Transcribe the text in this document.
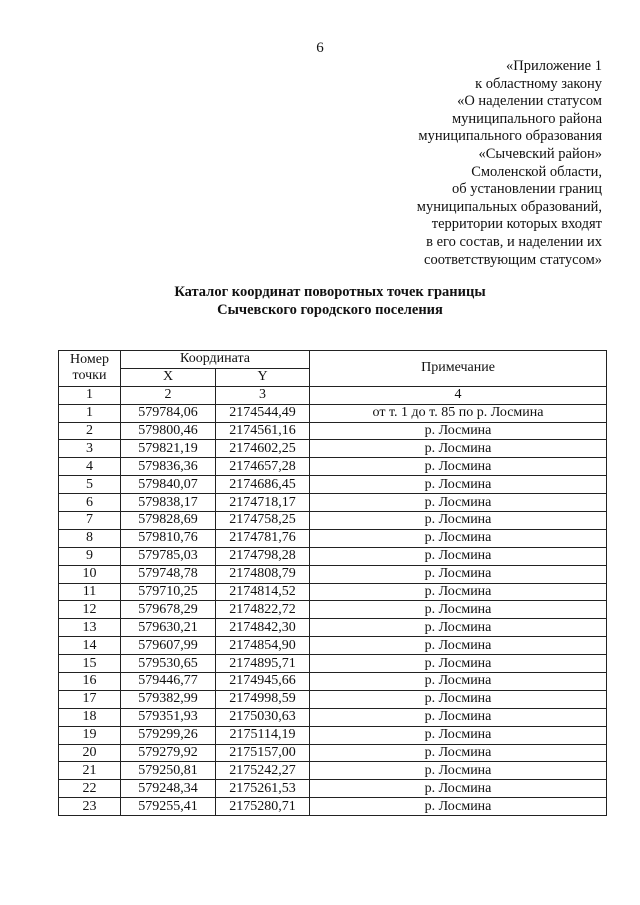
6
«Приложение 1
к областному закону
«О наделении статусом
муниципального района
муниципального образования
«Сычевский район»
Смоленской области,
об установлении границ
муниципальных образований,
территории которых входят
в его состав, и наделении их
соответствующим статусом»
Каталог координат поворотных точек границы
Сычевского городского поселения
Номер
точки	Координата		Примечание
	X	Y	
1	2	3	4
1	579784,06	2174544,49	от т. 1 до т. 85 по р. Лосмина
2	579800,46	2174561,16	р. Лосмина
3	579821,19	2174602,25	р. Лосмина
4	579836,36	2174657,28	р. Лосмина
5	579840,07	2174686,45	р. Лосмина
6	579838,17	2174718,17	р. Лосмина
7	579828,69	2174758,25	р. Лосмина
8	579810,76	2174781,76	р. Лосмина
9	579785,03	2174798,28	р. Лосмина
10	579748,78	2174808,79	р. Лосмина
11	579710,25	2174814,52	р. Лосмина
12	579678,29	2174822,72	р. Лосмина
13	579630,21	2174842,30	р. Лосмина
14	579607,99	2174854,90	р. Лосмина
15	579530,65	2174895,71	р. Лосмина
16	579446,77	2174945,66	р. Лосмина
17	579382,99	2174998,59	р. Лосмина
18	579351,93	2175030,63	р. Лосмина
19	579299,26	2175114,19	р. Лосмина
20	579279,92	2175157,00	р. Лосмина
21	579250,81	2175242,27	р. Лосмина
22	579248,34	2175261,53	р. Лосмина
23	579255,41	2175280,71	р. Лосмина
